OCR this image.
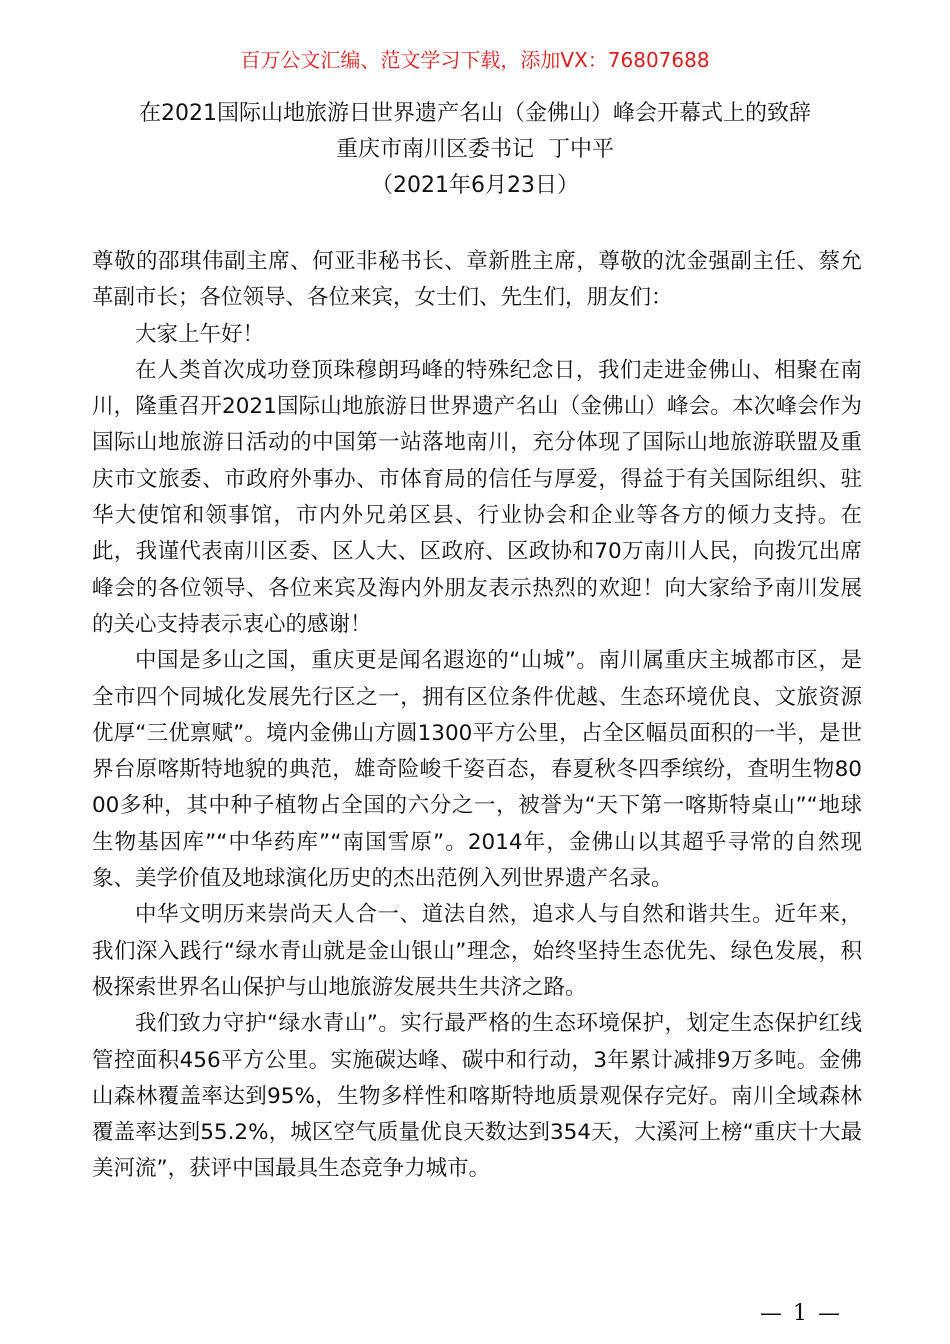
百万公文汇编、范文学习下载，添加VX：76807688
在2021国际山地旅游日世界遗产名山（金佛山）峰会开幕式上的致辞
重庆市南川区委书记  丁中平
（2021年6月23日）

尊敬的邵琪伟副主席、何亚非秘书长、章新胜主席，尊敬的沈金强副主任、蔡允革副市长；各位领导、各位来宾，女士们、先生们，朋友们：

大家上午好！

在人类首次成功登顶珠穆朗玛峰的特殊纪念日，我们走进金佛山、相聚在南川，隆重召开2021国际山地旅游日世界遗产名山（金佛山）峰会。本次峰会作为国际山地旅游日活动的中国第一站落地南川，充分体现了国际山地旅游联盟及重庆市文旅委、市政府外事办、市体育局的信任与厚爱，得益于有关国际组织、驻华大使馆和领事馆，市内外兄弟区县、行业协会和企业等各方的倾力支持。在此，我谨代表南川区委、区人大、区政府、区政协和70万南川人民，向拨冗出席峰会的各位领导、各位来宾及海内外朋友表示热烈的欢迎！向大家给予南川发展的关心支持表示衷心的感谢！

中国是多山之国，重庆更是闻名遐迩的“山城”。南川属重庆主城都市区，是全市四个同城化发展先行区之一，拥有区位条件优越、生态环境优良、文旅资源优厚“三优禀赋”。境内金佛山方圆1300平方公里，占全区幅员面积的一半，是世界台原喀斯特地貌的典范，雄奇险峻千姿百态，春夏秋冬四季缤纷，查明生物8000多种，其中种子植物占全国的六分之一，被誉为“天下第一喀斯特桌山”“地球生物基因库”“中华药库”“南国雪原”。2014年，金佛山以其超乎寻常的自然现象、美学价值及地球演化历史的杰出范例入列世界遗产名录。

中华文明历来崇尚天人合一、道法自然，追求人与自然和谐共生。近年来，我们深入践行“绿水青山就是金山银山”理念，始终坚持生态优先、绿色发展，积极探索世界名山保护与山地旅游发展共生共济之路。

我们致力守护“绿水青山”。实行最严格的生态环境保护，划定生态保护红线管控面积456平方公里。实施碳达峰、碳中和行动，3年累计减排9万多吨。金佛山森林覆盖率达到95%，生物多样性和喀斯特地质景观保存完好。南川全域森林覆盖率达到55.2%，城区空气质量优良天数达到354天，大溪河上榜“重庆十大最美河流”，获评中国最具生态竞争力城市。

— 1 —
